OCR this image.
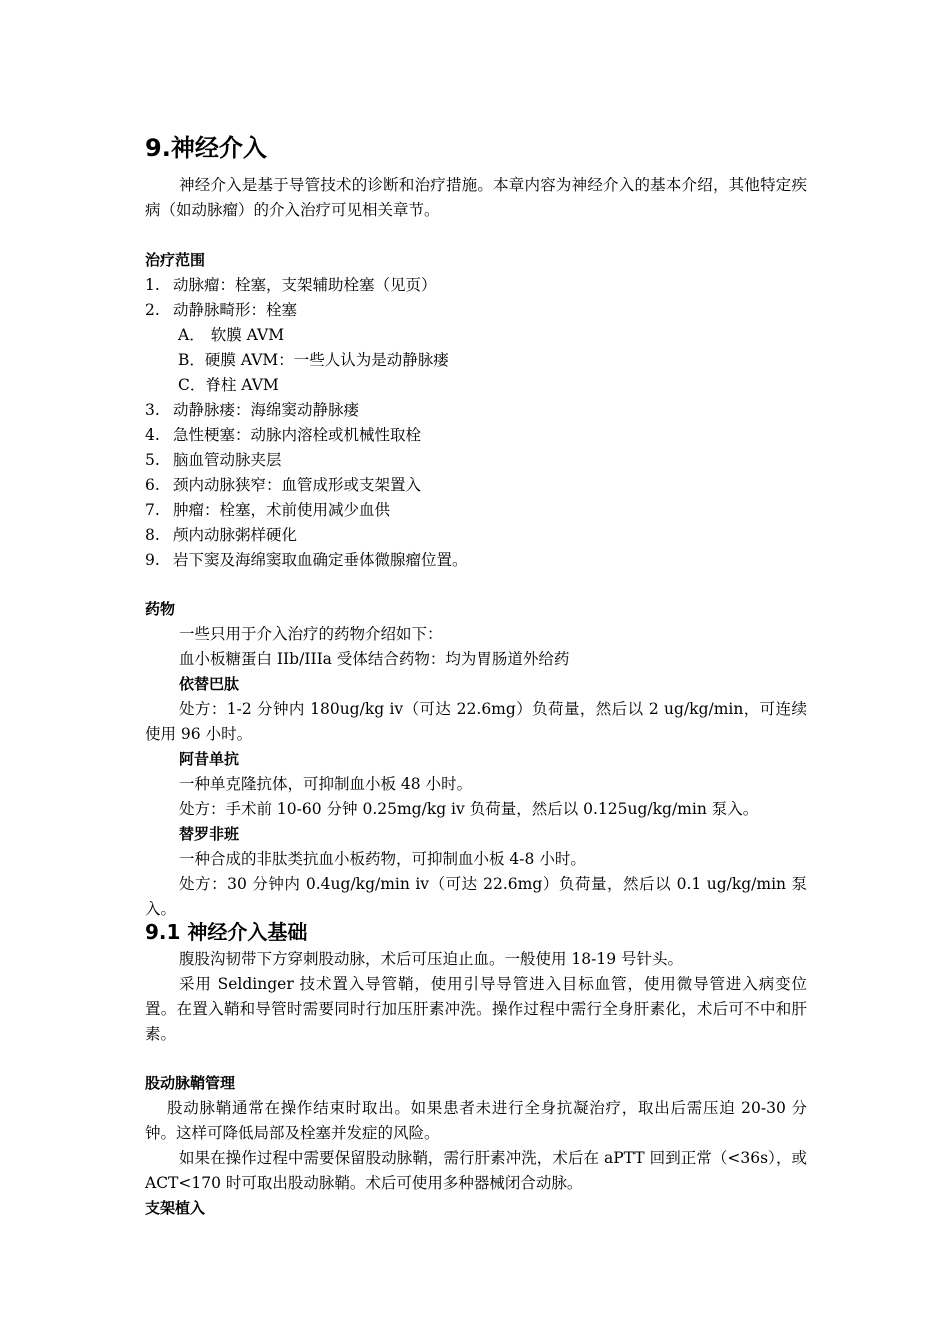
9.神经介入

神经介入是基于导管技术的诊断和治疗措施。本章内容为神经介入的基本介绍，其他特定疾病（如动脉瘤）的介入治疗可见相关章节。

治疗范围

1. 动脉瘤：栓塞，支架辅助栓塞（见页）
2. 动静脉畸形：栓塞
A． 软膜 AVM
B．硬膜 AVM：一些人认为是动静脉瘘
C．脊柱 AVM
3. 动静脉瘘：海绵窦动静脉瘘
4. 急性梗塞：动脉内溶栓或机械性取栓
5. 脑血管动脉夹层
6. 颈内动脉狭窄：血管成形或支架置入
7. 肿瘤：栓塞，术前使用减少血供
8. 颅内动脉粥样硬化
9. 岩下窦及海绵窦取血确定垂体微腺瘤位置。

药物

一些只用于介入治疗的药物介绍如下：

血小板糖蛋白 IIb/IIIa 受体结合药物：均为胃肠道外给药

依替巴肽

处方：1-2 分钟内 180ug/kg iv（可达 22.6mg）负荷量，然后以 2 ug/kg/min，可连续使用 96 小时。

阿昔单抗

一种单克隆抗体，可抑制血小板 48 小时。

处方：手术前 10-60 分钟 0.25mg/kg iv 负荷量，然后以 0.125ug/kg/min 泵入。

替罗非班

一种合成的非肽类抗血小板药物，可抑制血小板 4-8 小时。

处方：30 分钟内 0.4ug/kg/min iv（可达 22.6mg）负荷量，然后以 0.1 ug/kg/min 泵入。

9.1 神经介入基础

腹股沟韧带下方穿刺股动脉，术后可压迫止血。一般使用 18-19 号针头。

采用 Seldinger 技术置入导管鞘，使用引导导管进入目标血管，使用微导管进入病变位置。在置入鞘和导管时需要同时行加压肝素冲洗。操作过程中需行全身肝素化，术后可不中和肝素。

股动脉鞘管理

股动脉鞘通常在操作结束时取出。如果患者未进行全身抗凝治疗，取出后需压迫 20-30 分钟。这样可降低局部及栓塞并发症的风险。

如果在操作过程中需要保留股动脉鞘，需行肝素冲洗，术后在 aPTT 回到正常（<36s），或 ACT<170 时可取出股动脉鞘。术后可使用多种器械闭合动脉。

支架植入
